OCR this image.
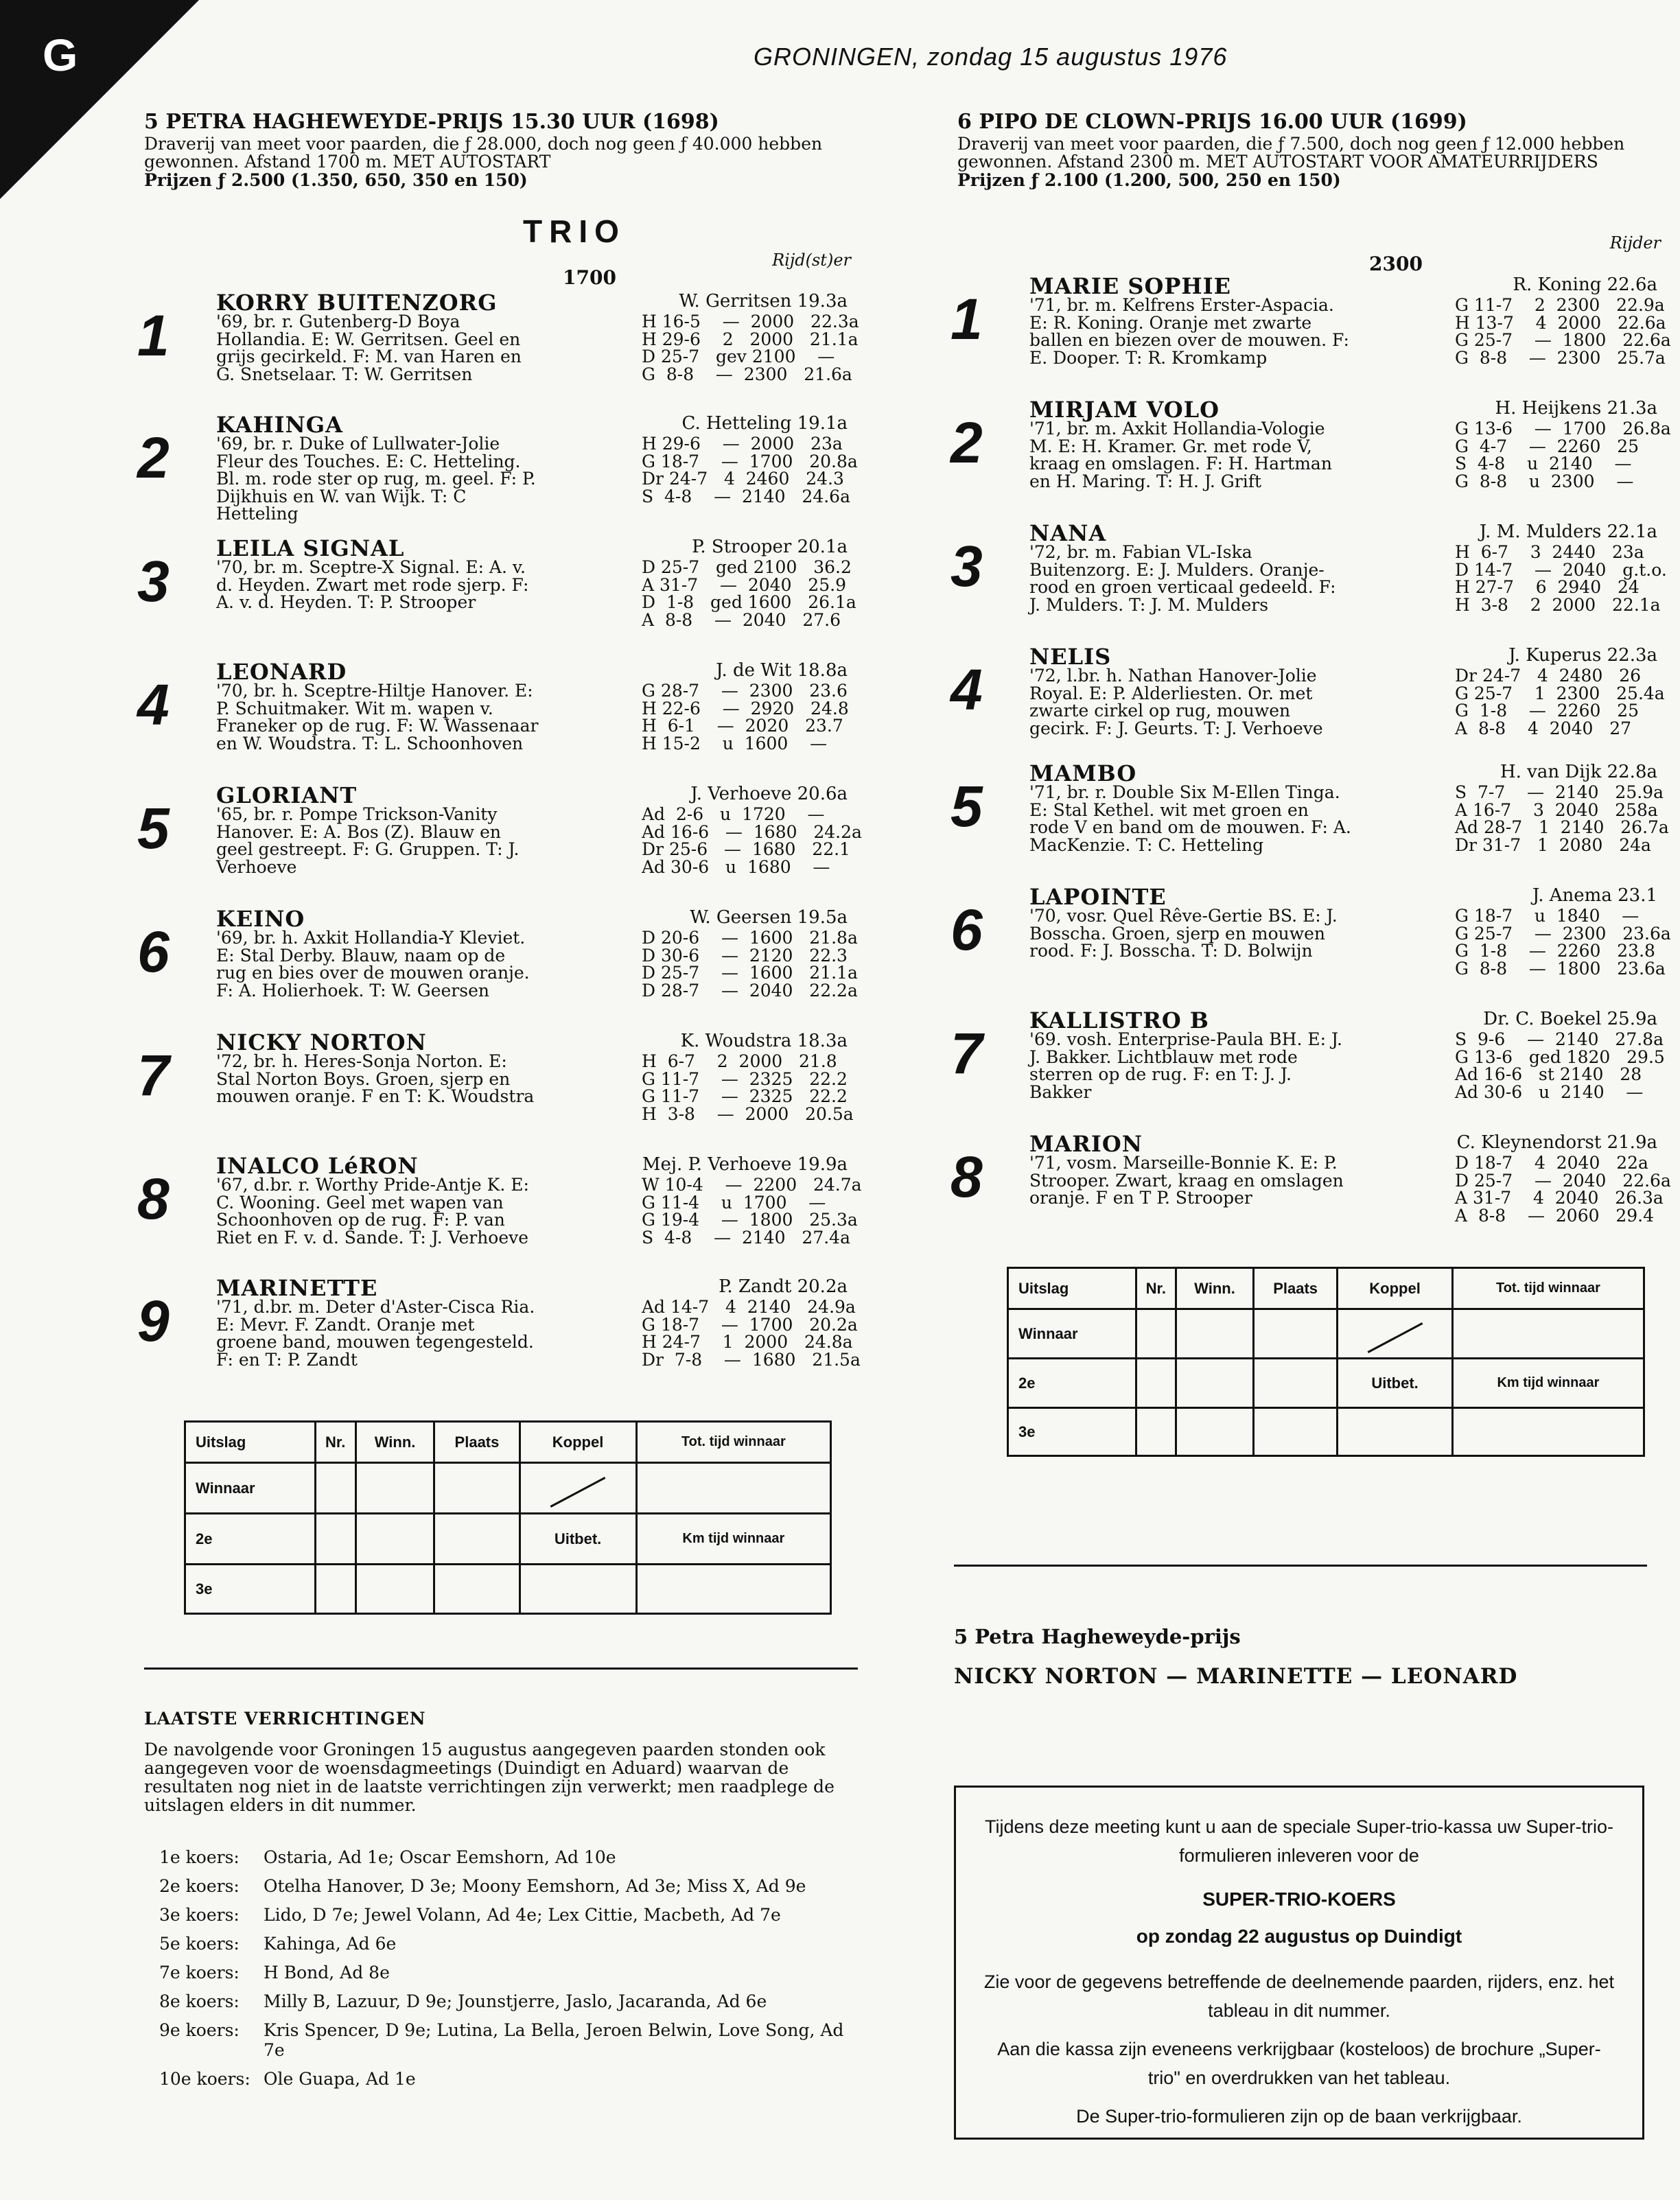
G	GRONINGEN, zondag 15 augustus 1976
5 PETRA HAGHEWEYDE-PRIJS 15.30 UUR (1698)
Draverij van meet voor paarden, die ƒ 28.000, doch nog geen ƒ 40.000 hebben gewonnen. Afstand 1700 m. MET AUTOSTART
Prijzen ƒ 2.500 (1.350, 650, 350 en 150)
TRIO
1700
Rijd(st)er
1
KORRY BUITENZORG	W. Gerritsen 19.3a
'69, br. r. Gutenberg-D Boya Hollandia. E: W. Gerritsen. Geel en grijs gecirkeld. F: M. van Haren en G. Snetselaar. T: W. Gerritsen
H 16-5    —  2000   22.3a
H 29-6    2   2000   21.1a
D 25-7   gev 2100    —
G  8-8    —  2300   21.6a
2
KAHINGA	C. Hetteling 19.1a
'69, br. r. Duke of Lullwater-Jolie Fleur des Touches. E: C. Hetteling. Bl. m. rode ster op rug, m. geel. F: P. Dijkhuis en W. van Wijk. T: C Hetteling
H 29-6    —  2000   23a
G 18-7    —  1700   20.8a
Dr 24-7   4  2460   24.3
S  4-8    —  2140   24.6a
3
LEILA SIGNAL	P. Strooper 20.1a
'70, br. m. Sceptre-X Signal. E: A. v. d. Heyden. Zwart met rode sjerp. F: A. v. d. Heyden. T: P. Strooper
D 25-7   ged 2100   36.2
A 31-7    —  2040   25.9
D  1-8   ged 1600   26.1a
A  8-8    —  2040   27.6
4
LEONARD	J. de Wit 18.8a
'70, br. h. Sceptre-Hiltje Hanover. E: P. Schuitmaker. Wit m. wapen v. Franeker op de rug. F: W. Wassenaar en W. Woudstra. T: L. Schoonhoven
G 28-7    —  2300   23.6
H 22-6    —  2920   24.8
H  6-1    —  2020   23.7
H 15-2    u  1600    —
5
GLORIANT	J. Verhoeve 20.6a
'65, br. r. Pompe Trickson-Vanity Hanover. E: A. Bos (Z). Blauw en geel gestreept. F: G. Gruppen. T: J. Verhoeve
Ad  2-6   u  1720    —
Ad 16-6   —  1680   24.2a
Dr 25-6   —  1680   22.1
Ad 30-6   u  1680    —
6
KEINO	W. Geersen 19.5a
'69, br. h. Axkit Hollandia-Y Kleviet. E: Stal Derby. Blauw, naam op de rug en bies over de mouwen oranje. F: A. Holierhoek. T: W. Geersen
D 20-6    —  1600   21.8a
D 30-6    —  2120   22.3
D 25-7    —  1600   21.1a
D 28-7    —  2040   22.2a
7
NICKY NORTON	K. Woudstra 18.3a
'72, br. h. Heres-Sonja Norton. E: Stal Norton Boys. Groen, sjerp en mouwen oranje. F en T: K. Woudstra
H  6-7    2  2000   21.8
G 11-7    —  2325   22.2
G 11-7    —  2325   22.2
H  3-8    —  2000   20.5a
8
INALCO LéRON	Mej. P. Verhoeve 19.9a
'67, d.br. r. Worthy Pride-Antje K. E: C. Wooning. Geel met wapen van Schoonhoven op de rug. F: P. van Riet en F. v. d. Sande. T: J. Verhoeve
W 10-4    —  2200   24.7a
G 11-4    u  1700    —
G 19-4    —  1800   25.3a
S  4-8    —  2140   27.4a
9
MARINETTE	P. Zandt 20.2a
'71, d.br. m. Deter d'Aster-Cisca Ria. E: Mevr. F. Zandt. Oranje met groene band, mouwen tegengesteld. F: en T: P. Zandt
Ad 14-7   4  2140   24.9a
G 18-7    —  1700   20.2a
H 24-7    1  2000   24.8a
Dr  7-8    —  1680   21.5a
6 PIPO DE CLOWN-PRIJS 16.00 UUR (1699)
Draverij van meet voor paarden, die ƒ 7.500, doch nog geen ƒ 12.000 hebben gewonnen. Afstand 2300 m. MET AUTOSTART VOOR AMATEURRIJDERS
Prijzen ƒ 2.100 (1.200, 500, 250 en 150)
2300
Rijder
1
MARIE SOPHIE	R. Koning 22.6a
'71, br. m. Kelfrens Erster-Aspacia. E: R. Koning. Oranje met zwarte ballen en biezen over de mouwen. F: E. Dooper. T: R. Kromkamp
G 11-7    2  2300   22.9a
H 13-7    4  2000   22.6a
G 25-7    —  1800   22.6a
G  8-8    —  2300   25.7a
2
MIRJAM VOLO	H. Heijkens 21.3a
'71, br. m. Axkit Hollandia-Vologie M. E: H. Kramer. Gr. met rode V, kraag en omslagen. F: H. Hartman en H. Maring. T: H. J. Grift
G 13-6    —  1700   26.8a
G  4-7    —  2260   25
S  4-8    u  2140    —
G  8-8    u  2300    —
3
NANA	J. M. Mulders 22.1a
'72, br. m. Fabian VL-Iska Buitenzorg. E: J. Mulders. Oranje-rood en groen verticaal gedeeld. F: J. Mulders. T: J. M. Mulders
H  6-7    3  2440   23a
D 14-7    —  2040   g.t.o.
H 27-7    6  2940   24
H  3-8    2  2000   22.1a
4
NELIS	J. Kuperus 22.3a
'72, l.br. h. Nathan Hanover-Jolie Royal. E: P. Alderliesten. Or. met zwarte cirkel op rug, mouwen gecirk. F: J. Geurts. T: J. Verhoeve
Dr 24-7   4  2480   26
G 25-7    1  2300   25.4a
G  1-8    —  2260   25
A  8-8    4  2040   27
5
MAMBO	H. van Dijk 22.8a
'71, br. r. Double Six M-Ellen Tinga. E: Stal Kethel. wit met groen en rode V en band om de mouwen. F: A. MacKenzie. T: C. Hetteling
S  7-7    —  2140   25.9a
A 16-7    3  2040   258a
Ad 28-7   1  2140   26.7a
Dr 31-7   1  2080   24a
6
LAPOINTE	J. Anema 23.1
'70, vosr. Quel Rêve-Gertie BS. E: J. Bosscha. Groen, sjerp en mouwen rood. F: J. Bosscha. T: D. Bolwijn
G 18-7    u  1840    —
G 25-7    —  2300   23.6a
G  1-8    —  2260   23.8
G  8-8    —  1800   23.6a
7
KALLISTRO B	Dr. C. Boekel 25.9a
'69. vosh. Enterprise-Paula BH. E: J. J. Bakker. Lichtblauw met rode sterren op de rug. F: en T: J. J. Bakker
S  9-6    —  2140   27.8a
G 13-6   ged 1820   29.5
Ad 16-6   st 2140   28
Ad 30-6   u  2140    —
8
MARION	C. Kleynendorst 21.9a
'71, vosm. Marseille-Bonnie K. E: P. Strooper. Zwart, kraag en omslagen oranje. F en T P. Strooper
D 18-7    4  2040   22a
D 25-7    —  2040   22.6a
A 31-7    4  2040   26.3a
A  8-8    —  2060   29.4
Uitslag	Nr.	Winn.	Plaats	Koppel	Tot. tijd winnaar
Winnaar					
2e				Uitbet.	Km tijd winnaar
3e					
Uitslag	Nr.	Winn.	Plaats	Koppel	Tot. tijd winnaar
Winnaar					
2e				Uitbet.	Km tijd winnaar
3e					
LAATSTE VERRICHTINGEN
De navolgende voor Groningen 15 augustus aangegeven paarden stonden ook aangegeven voor de woensdagmeetings (Duindigt en Aduard) waarvan de resultaten nog niet in de laatste verrichtingen zijn verwerkt; men raadplege de uitslagen elders in dit nummer.
1e koers: Ostaria, Ad 1e; Oscar Eemshorn, Ad 10e
2e koers: Otelha Hanover, D 3e; Moony Eemshorn, Ad 3e; Miss X, Ad 9e
3e koers: Lido, D 7e; Jewel Volann, Ad 4e; Lex Cittie, Macbeth, Ad 7e
5e koers: Kahinga, Ad 6e
7e koers: H Bond, Ad 8e
8e koers: Milly B, Lazuur, D 9e; Jounstjerre, Jaslo, Jacaranda, Ad 6e
9e koers: Kris Spencer, D 9e; Lutina, La Bella, Jeroen Belwin, Love Song, Ad 7e
10e koers: Ole Guapa, Ad 1e
5 Petra Hagheweyde-prijs
NICKY NORTON — MARINETTE — LEONARD

Tijdens deze meeting kunt u aan de speciale Super-trio-kassa uw Super-trio-formulieren inleveren voor de

SUPER-TRIO-KOERS

op zondag 22 augustus op Duindigt

Zie voor de gegevens betreffende de deelnemende paarden, rijders, enz. het tableau in dit nummer.

Aan die kassa zijn eveneens verkrijgbaar (kosteloos) de brochure „Super-trio" en overdrukken van het tableau.

De Super-trio-formulieren zijn op de baan verkrijgbaar.
